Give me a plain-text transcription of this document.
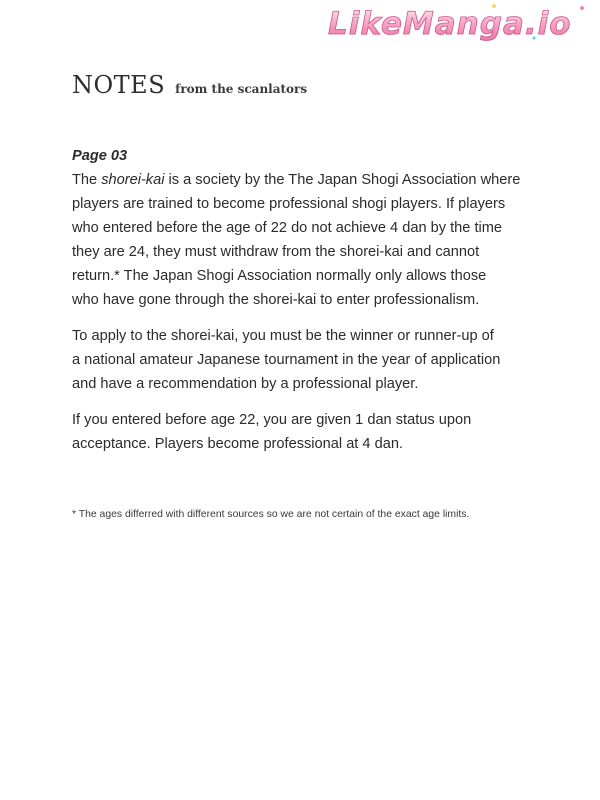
LikeManga.io
NOTES from the scanlators
Page 03

The shorei-kai is a society by the The Japan Shogi Association where
players are trained to become professional shogi players. If players
who entered before the age of 22 do not achieve 4 dan by the time
they are 24, they must withdraw from the shorei-kai and cannot
return.* The Japan Shogi Association normally only allows those
who have gone through the shorei-kai to enter professionalism.

To apply to the shorei-kai, you must be the winner or runner-up of
a national amateur Japanese tournament in the year of application
and have a recommendation by a professional player.

If you entered before age 22, you are given 1 dan status upon
acceptance. Players become professional at 4 dan.

* The ages differred with different sources so we are not certain of the exact age limits.
